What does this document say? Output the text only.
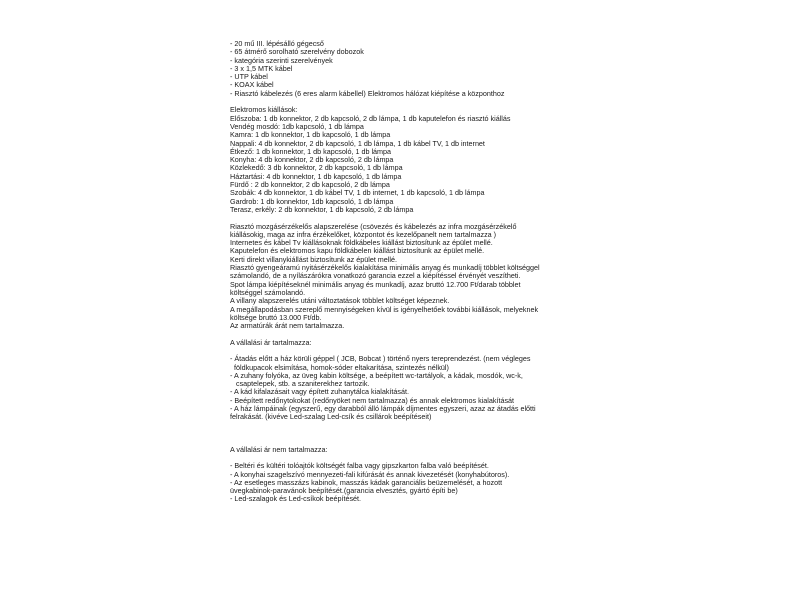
- 20 mű III. lépésálló gégecső
- 65 átmérő sorolható szerelvény dobozok
- kategória szerinti szerelvények
- 3 x 1,5 MTK kábel
- UTP kábel
- KOAX kábel
- Riasztó kábelezés (6 eres alarm kábellel) Elektromos hálózat kiépítése a központhoz
Elektromos kiállások:
Előszoba: 1 db konnektor, 2 db kapcsoló, 2 db lámpa, 1 db kaputelefon és riasztó kiállás
Vendég mosdó: 1db kapcsoló, 1 db lámpa
Kamra: 1 db konnektor, 1 db kapcsoló, 1 db lámpa
Nappali: 4 db konnektor, 2 db kapcsoló, 1 db lámpa, 1 db kábel TV, 1 db internet
Étkező: 1 db konnektor, 1 db kapcsoló, 1 db lámpa
Konyha: 4 db konnektor, 2 db kapcsoló, 2 db lámpa
Közlekedő: 3 db konnektor, 2 db kapcsoló, 1 db lámpa
Háztartási: 4 db konnektor, 1 db kapcsoló, 1 db lámpa
Fürdő : 2 db konnektor, 2 db kapcsoló, 2 db lámpa
Szobák: 4 db konnektor, 1 db kábel TV, 1 db internet, 1 db kapcsoló, 1 db lámpa
Gardrob: 1 db konnektor, 1db kapcsoló, 1 db lámpa
Terasz, erkély: 2 db konnektor, 1 db kapcsoló, 2 db lámpa
Riasztó mozgásérzékelős alapszerelése (csövezés és kábelezés az infra mozgásérzékelő
kiállásokig, maga az infra érzékelőket, központot és kezelőpanelt nem tartalmazza )
Internetes és kábel Tv kiállásoknak földkábeles kiállást biztosítunk az épület mellé.
Kaputelefon és elektromos kapu földkábelen kiállást biztosítunk az épület mellé.
Kerti direkt villanykiállást biztosítunk az épület mellé.
Riasztó gyengeáramú nyitásérzékelős kialakítása minimális anyag és munkadíj többlet költséggel
számolandó, de a nyílászárókra vonatkozó garancia ezzel a kiépítéssel érvényét veszítheti.
Spot lámpa kiépítéseknél minimális anyag és munkadíj, azaz bruttó 12.700 Ft/darab többlet
költséggel számolandó.
A villany alapszerelés utáni változtatások többlet költséget képeznek.
A megállapodásban szereplő mennyiségeken kívül is igényelhetőek további kiállások, melyeknek
költsége bruttó 13.000 Ft/db.
Az armatúrák árát nem tartalmazza.
A vállalási ár tartalmazza:
- Átadás előtt a ház körüli géppel ( JCB, Bobcat ) történő nyers tereprendezést. (nem végleges
földkupacok elsimítása, homok-sóder eltakarítása, szintezés nélkül)
- A zuhany folyóka, az üveg kabin költsége, a beépített wc-tartályok, a kádak, mosdók, wc-k,
csaptelepek, stb. a szaniterekhez tartozik.
- A kád kifalazásait vagy épített zuhanytálca kialakítását.
- Beépített redőnytokokat (redőnyöket nem tartalmazza) és annak elektromos kialakítását
- A ház lámpáinak (egyszerű, egy darabból álló lámpák díjmentes egyszeri, azaz az átadás előtti
felrakását. (kivéve Led-szalag Led-csík és csillárok beépítéseit)
A vállalási ár nem tartalmazza:
- Beltéri és kültéri tolóajtók költségét falba vagy gipszkarton falba való beépítését.
- A konyhai szagelszívó mennyezeti-fali kifúrását és annak kivezetését (konyhabútoros).
- Az esetleges masszázs kabinok, masszás kádak garanciális beüzemelését, a hozott
üvegkabinok-paravánok beépítését.(garancia elvesztés, gyártó építi be)
- Led-szalagok és Led-csíkok beépítését.
